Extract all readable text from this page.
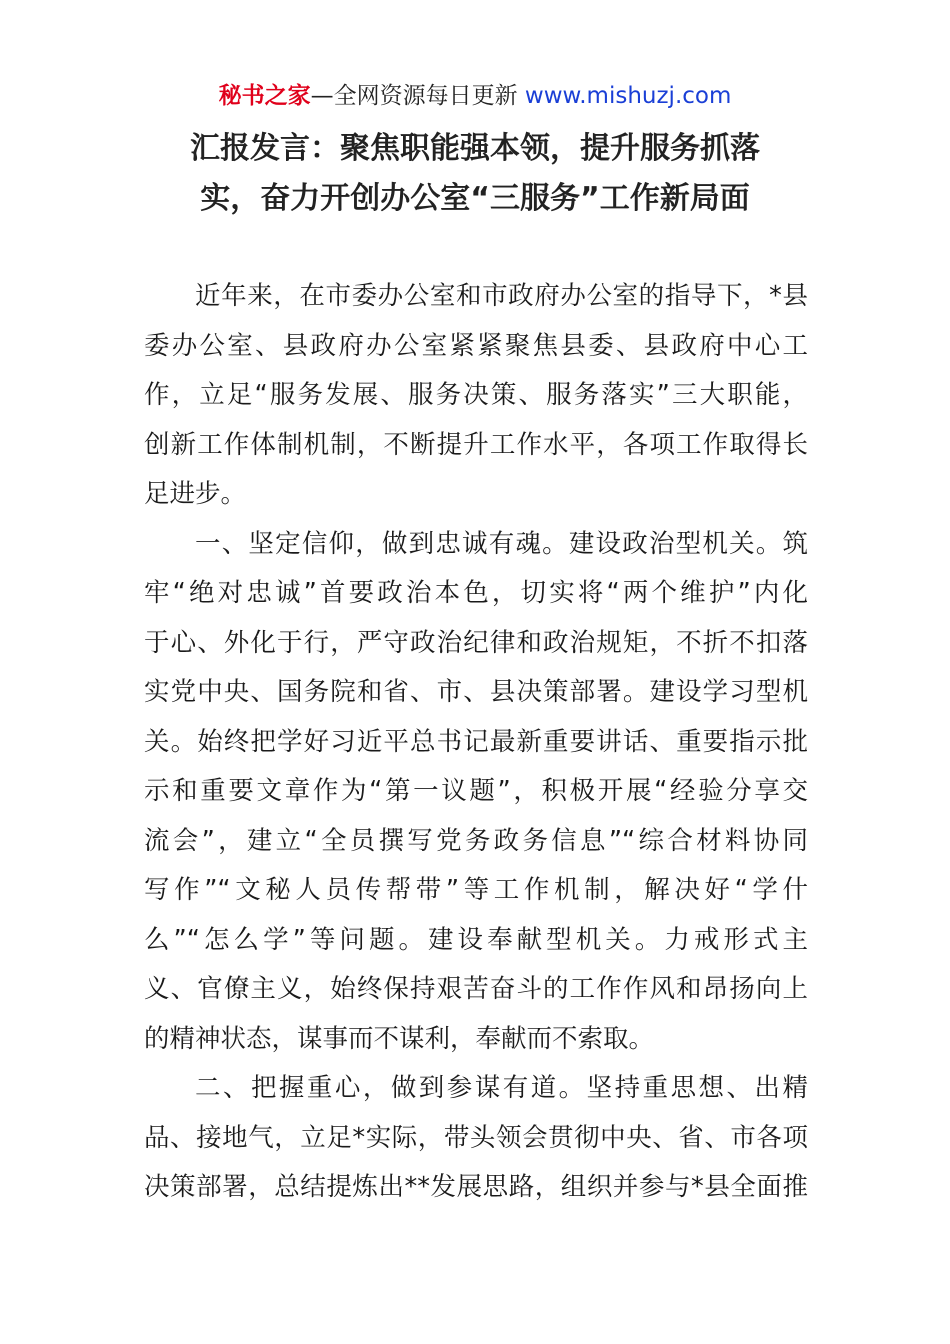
秘书之家—全网资源每日更新 www.mishuzj.com
汇报发言：聚焦职能强本领，提升服务抓落
实，奋力开创办公室“三服务”工作新局面
近年来，在市委办公室和市政府办公室的指导下，*县
委办公室、县政府办公室紧紧聚焦县委、县政府中心工
作，立足“服务发展、服务决策、服务落实”三大职能，
创新工作体制机制，不断提升工作水平，各项工作取得长
足进步。
一、坚定信仰，做到忠诚有魂。建设政治型机关。筑
牢“绝对忠诚”首要政治本色，切实将“两个维护”内化
于心、外化于行，严守政治纪律和政治规矩，不折不扣落
实党中央、国务院和省、市、县决策部署。建设学习型机
关。始终把学好习近平总书记最新重要讲话、重要指示批
示和重要文章作为“第一议题”，积极开展“经验分享交
流会”，建立“全员撰写党务政务信息”“综合材料协同
写作”“文秘人员传帮带”等工作机制，解决好“学什
么”“怎么学”等问题。建设奉献型机关。力戒形式主
义、官僚主义，始终保持艰苦奋斗的工作作风和昂扬向上
的精神状态，谋事而不谋利，奉献而不索取。
二、把握重心，做到参谋有道。坚持重思想、出精
品、接地气，立足*实际，带头领会贯彻中央、省、市各项
决策部署，总结提炼出**发展思路，组织并参与*县全面推
